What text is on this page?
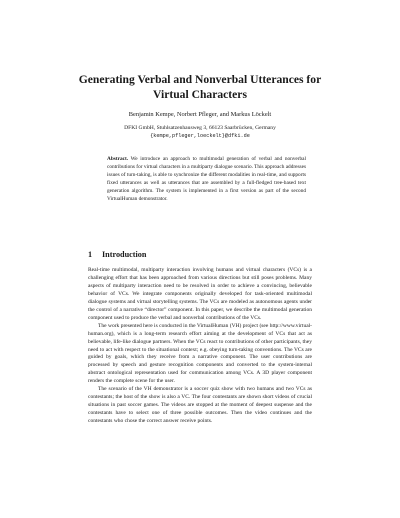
Generating Verbal and Nonverbal Utterances for Virtual Characters
Benjamin Kempe, Norbert Pfleger, and Markus Löckelt
DFKI GmbH, Stuhlsatzenhausweg 3, 66123 Saarbrücken, Germany
{kempe,pfleger,loeckelt}@dfki.de

Abstract. We introduce an approach to multimodal generation of verbal and nonverbal contributions for virtual characters in a multiparty dialogue scenario. This approach addresses issues of turn-taking, is able to synchronize the different modalities in real-time, and supports fixed utterances as well as utterances that are assembled by a full-fledged tree-based text generation algorithm. The system is implemented in a first version as part of the second VirtualHuman demonstrator.

1 Introduction

Real-time multimodal, multiparty interaction involving humans and virtual characters (VCs) is a challenging effort that has been approached from various directions but still poses problems. Many aspects of multiparty interaction need to be resolved in order to achieve a convincing, believable behavior of VCs. We integrate components originally developed for task-oriented multimodal dialogue systems and virtual storytelling systems. The VCs are modeled as autonomous agents under the control of a narrative “director” component. In this paper, we describe the multimodal generation component used to produce the verbal and nonverbal contributions of the VCs.

The work presented here is conducted in the VirtualHuman (VH) project (see http://www.virtual-human.org), which is a long-term research effort aiming at the development of VCs that act as believable, life-like dialogue partners. When the VCs react to contributions of other participants, they need to act with respect to the situational context; e.g. obeying turn-taking conventions. The VCs are guided by goals, which they receive from a narrative component. The user contributions are processed by speech and gesture recognition components and converted to the system-internal abstract ontological representation used for communication among VCs. A 3D player component renders the complete scene for the user.

The scenario of the VH demonstrator is a soccer quiz show with two humans and two VCs as contestants; the host of the show is also a VC. The four contestants are shown short videos of crucial situations in past soccer games. The videos are stopped at the moment of deepest suspense and the contestants have to select one of three possible outcomes. Then the video continues and the contestants who chose the correct answer receive points.
